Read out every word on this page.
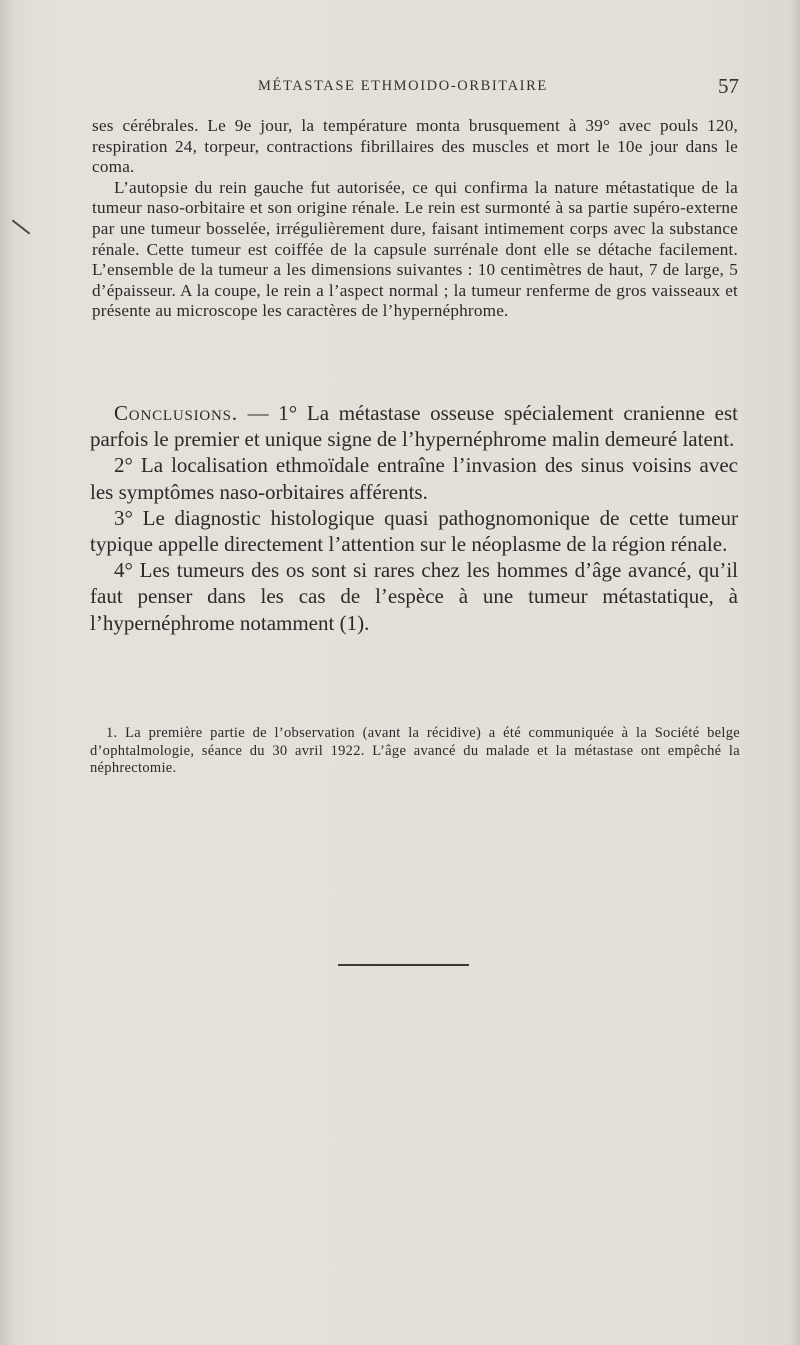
MÉTASTASE ETHMOIDO-ORBITAIRE	57

ses cérébrales. Le 9e jour, la température monta brusquement à 39° avec pouls 120, respiration 24, torpeur, contractions fibrillaires des muscles et mort le 10e jour dans le coma.

L’autopsie du rein gauche fut autorisée, ce qui confirma la nature métastatique de la tumeur naso-orbitaire et son origine rénale. Le rein est surmonté à sa partie supéro-externe par une tumeur bosselée, irrégulièrement dure, faisant intimement corps avec la substance rénale. Cette tumeur est coiffée de la capsule surrénale dont elle se détache facilement. L’ensemble de la tumeur a les dimensions suivantes : 10 centimètres de haut, 7 de large, 5 d’épaisseur. A la coupe, le rein a l’aspect normal ; la tumeur renferme de gros vaisseaux et présente au microscope les caractères de l’hypernéphrome.

Conclusions. — 1° La métastase osseuse spécialement cranienne est parfois le premier et unique signe de l’hypernéphrome malin demeuré latent.

2° La localisation ethmoïdale entraîne l’invasion des sinus voisins avec les symptômes naso-orbitaires afférents.

3° Le diagnostic histologique quasi pathognomonique de cette tumeur typique appelle directement l’attention sur le néoplasme de la région rénale.

4° Les tumeurs des os sont si rares chez les hommes d’âge avancé, qu’il faut penser dans les cas de l’espèce à une tumeur métastatique, à l’hypernéphrome notamment (1).

1. La première partie de l’observation (avant la récidive) a été communiquée à la Société belge d’ophtalmologie, séance du 30 avril 1922. L’âge avancé du malade et la métastase ont empêché la néphrectomie.
